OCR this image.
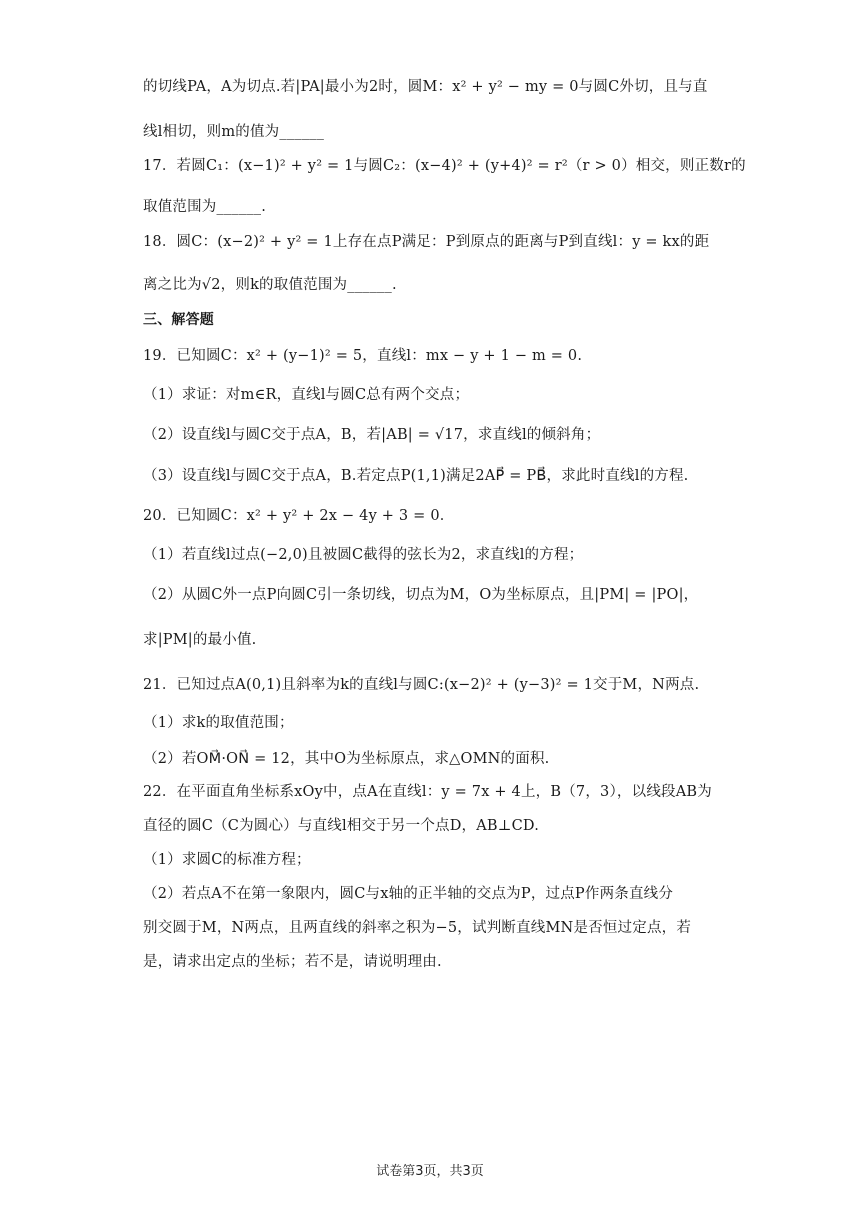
的切线PA，A为切点.若|PA|最小为2时，圆M：x² + y² − my = 0与圆C外切，且与直
线l相切，则m的值为______
17．若圆C₁：(x−1)² + y² = 1与圆C₂：(x−4)² + (y+4)² = r²（r > 0）相交，则正数r的
取值范围为______.
18．圆C：(x−2)² + y² = 1上存在点P满足：P到原点的距离与P到直线l：y = kx的距
离之比为√2，则k的取值范围为______.
三、解答题
19．已知圆C：x² + (y−1)² = 5，直线l：mx − y + 1 − m = 0.
（1）求证：对m∈R，直线l与圆C总有两个交点；
（2）设直线l与圆C交于点A，B，若|AB| = √17，求直线l的倾斜角；
（3）设直线l与圆C交于点A，B.若定点P(1,1)满足2AP⃗ = PB⃗，求此时直线l的方程.
20．已知圆C：x² + y² + 2x − 4y + 3 = 0．
（1）若直线l过点(−2,0)且被圆C截得的弦长为2，求直线l的方程；
（2）从圆C外一点P向圆C引一条切线，切点为M，O为坐标原点，且|PM| = |PO|，
求|PM|的最小值.
21．已知过点A(0,1)且斜率为k的直线l与圆C:(x−2)² + (y−3)² = 1交于M，N两点.
（1）求k的取值范围；
（2）若OM⃗·ON⃗ = 12，其中O为坐标原点，求△OMN的面积.
22．在平面直角坐标系xOy中，点A在直线l：y = 7x + 4上，B（7，3），以线段AB为
直径的圆C（C为圆心）与直线l相交于另一个点D，AB⊥CD.
（1）求圆C的标准方程；
（2）若点A不在第一象限内，圆C与x轴的正半轴的交点为P，过点P作两条直线分
别交圆于M，N两点，且两直线的斜率之积为−5，试判断直线MN是否恒过定点，若
是，请求出定点的坐标；若不是，请说明理由.
试卷第3页，共3页
